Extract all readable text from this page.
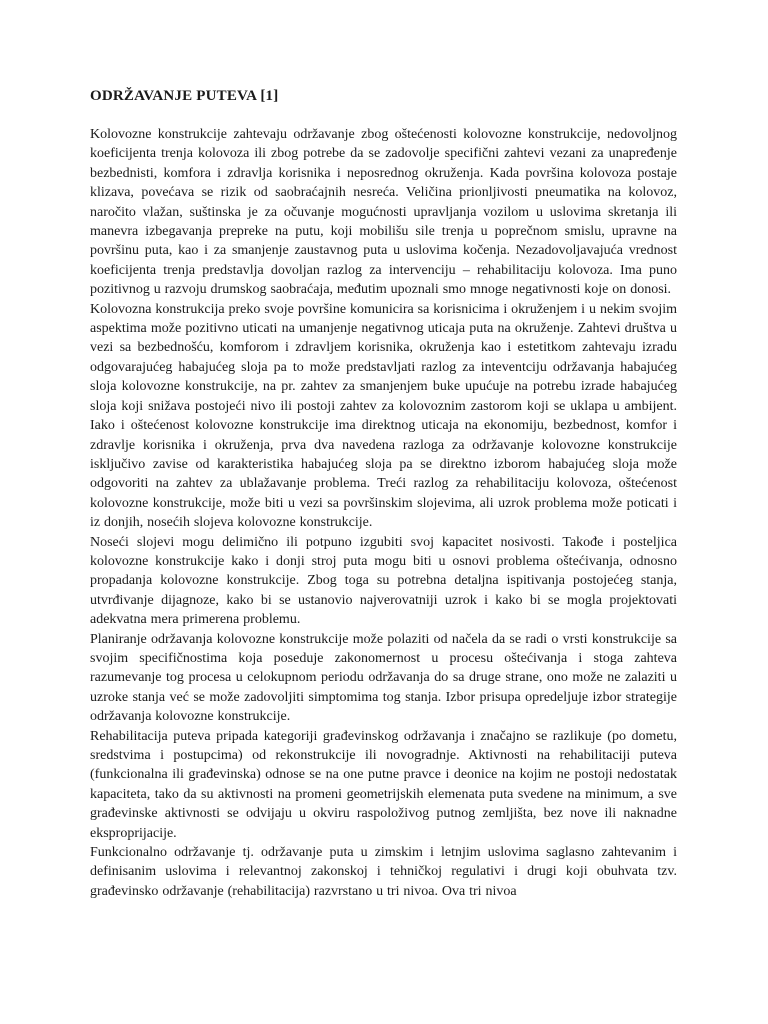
ODRŽAVANJE PUTEVA [1]

Kolovozne konstrukcije zahtevaju održavanje zbog oštećenosti kolovozne konstrukcije, nedovoljnog koeficijenta trenja kolovoza ili zbog potrebe da se zadovolje specifični zahtevi vezani za unapređenje bezbednisti, komfora i zdravlja korisnika i neposrednog okruženja. Kada površina kolovoza postaje klizava, povećava se rizik od saobraćajnih nesreća. Veličina prionljivosti pneumatika na kolovoz, naročito vlažan, suštinska je za očuvanje mogućnosti upravljanja vozilom u uslovima skretanja ili manevra izbegavanja prepreke na putu, koji mobilišu sile trenja u poprečnom smislu, upravne na površinu puta, kao i za smanjenje zaustavnog puta u uslovima kočenja. Nezadovoljavajuća vrednost koeficijenta trenja predstavlja dovoljan razlog za intervenciju – rehabilitaciju kolovoza. Ima puno pozitivnog u razvoju drumskog saobraćaja, međutim upoznali smo mnoge negativnosti koje on donosi.

Kolovozna konstrukcija preko svoje površine komunicira sa korisnicima i okruženjem i u nekim svojim aspektima može pozitivno uticati na umanjenje negativnog uticaja puta na okruženje. Zahtevi društva u vezi sa bezbednošću, komforom i zdravljem korisnika, okruženja kao i estetitkom zahtevaju izradu odgovarajućeg habajućeg sloja pa to može predstavljati razlog za inteventciju održavanja habajućeg sloja kolovozne konstrukcije, na pr. zahtev za smanjenjem buke upućuje na potrebu izrade habajućeg sloja koji snižava postojeći nivo ili postoji zahtev za kolovoznim zastorom koji se uklapa u ambijent. Iako i oštećenost kolovozne konstrukcije ima direktnog uticaja na ekonomiju, bezbednost, komfor i zdravlje korisnika i okruženja, prva dva navedena razloga za održavanje kolovozne konstrukcije isključivo zavise od karakteristika habajućeg sloja pa se direktno izborom habajućeg sloja može odgovoriti na zahtev za ublažavanje problema. Treći razlog za rehabilitaciju kolovoza, oštećenost kolovozne konstrukcije, može biti u vezi sa površinskim slojevima, ali uzrok problema može poticati i iz donjih, nosećih slojeva kolovozne konstrukcije.

Noseći slojevi mogu delimično ili potpuno izgubiti svoj kapacitet nosivosti. Takođe i posteljica kolovozne konstrukcije kako i donji stroj puta mogu biti u osnovi problema oštećivanja, odnosno propadanja kolovozne konstrukcije. Zbog toga su potrebna detaljna ispitivanja postojećeg stanja, utvrđivanje dijagnoze, kako bi se ustanovio najverovatniji uzrok i kako bi se mogla projektovati adekvatna mera primerena problemu.

Planiranje održavanja kolovozne konstrukcije može polaziti od načela da se radi o vrsti konstrukcije sa svojim specifičnostima koja poseduje zakonomernost u procesu oštećivanja i stoga zahteva razumevanje tog procesa u celokupnom periodu održavanja do sa druge strane, ono može ne zalaziti u uzroke stanja već se može zadovoljiti simptomima tog stanja. Izbor prisupa opredeljuje izbor strategije održavanja kolovozne konstrukcije.

Rehabilitacija puteva pripada kategoriji građevinskog održavanja i značajno se razlikuje (po dometu, sredstvima i postupcima) od rekonstrukcije ili novogradnje. Aktivnosti na rehabilitaciji puteva (funkcionalna ili građevinska) odnose se na one putne pravce i deonice na kojim ne postoji nedostatak kapaciteta, tako da su aktivnosti na promeni geometrijskih elemenata puta svedene na minimum, a sve građevinske aktivnosti se odvijaju u okviru raspoloživog putnog zemljišta, bez nove ili naknadne eksproprijacije.

Funkcionalno održavanje tj. održavanje puta u zimskim i letnjim uslovima saglasno zahtevanim i definisanim uslovima i relevantnoj zakonskoj i tehničkoj regulativi i drugi koji obuhvata tzv. građevinsko održavanje (rehabilitacija) razvrstano u tri nivoa. Ova tri nivoa
